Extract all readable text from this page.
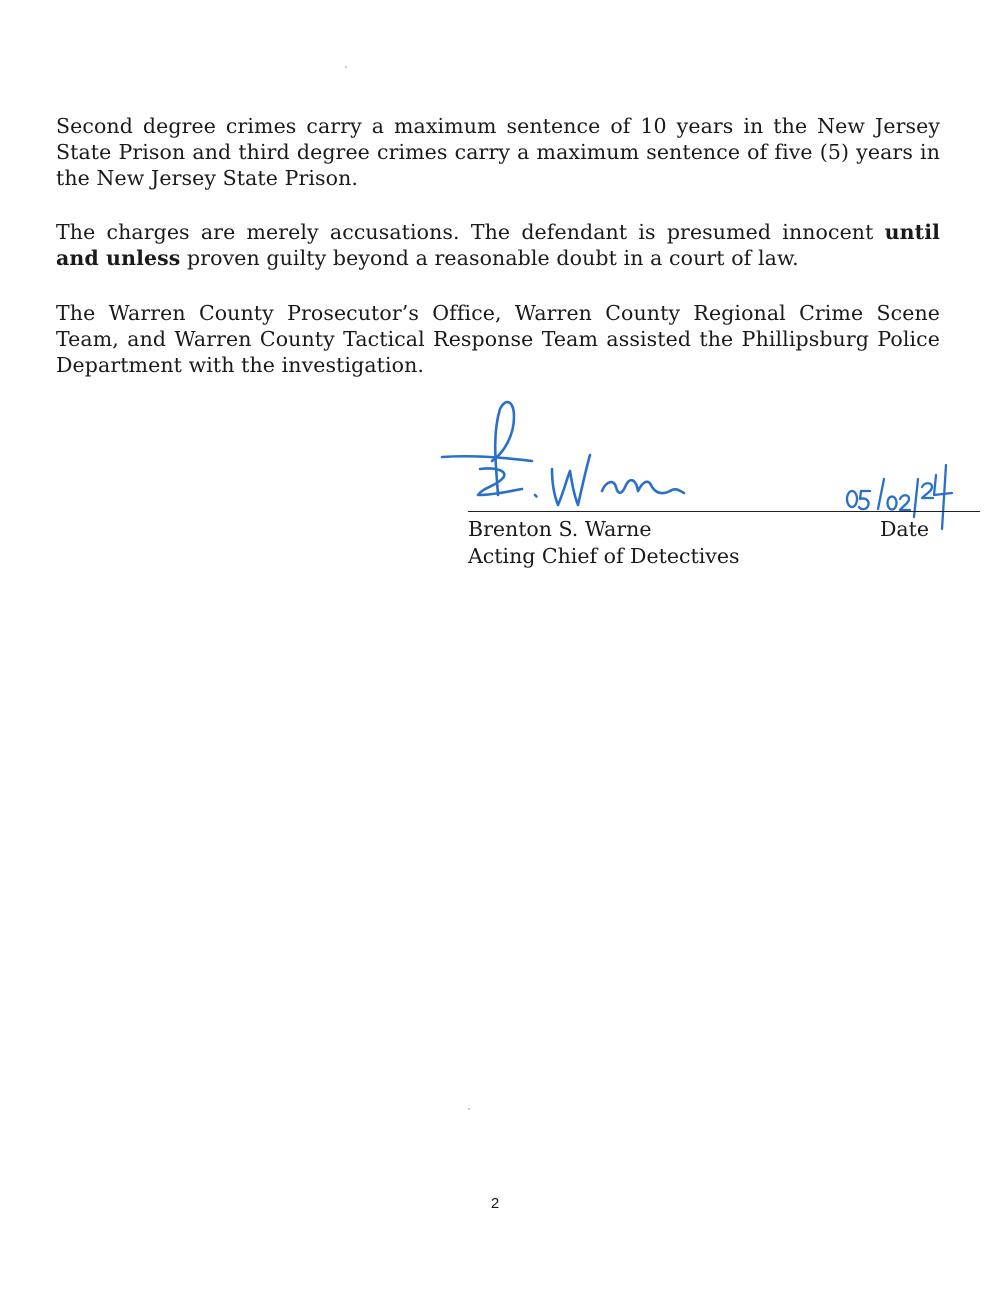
Second degree crimes carry a maximum sentence of 10 years in the New Jersey State Prison and third degree crimes carry a maximum sentence of five (5) years in the New Jersey State Prison.

The charges are merely accusations. The defendant is presumed innocent until and unless proven guilty beyond a reasonable doubt in a court of law.

The Warren County Prosecutor’s Office, Warren County Regional Crime Scene Team, and Warren County Tactical Response Team assisted the Phillipsburg Police Department with the investigation.

Brenton S. Warne
Acting Chief of Detectives
Date
2
